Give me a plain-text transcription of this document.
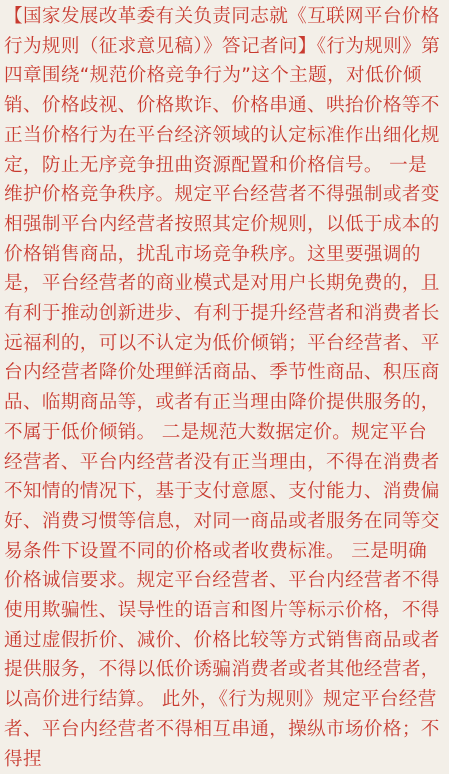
【国家发展改革委有关负责同志就《互联网平台价格行为规则（征求意见稿）》答记者问】《行为规则》第四章围绕“规范价格竞争行为”这个主题，对低价倾销、价格歧视、价格欺诈、价格串通、哄抬价格等不正当价格行为在平台经济领域的认定标准作出细化规定，防止无序竞争扭曲资源配置和价格信号。 一是维护价格竞争秩序。规定平台经营者不得强制或者变相强制平台内经营者按照其定价规则，以低于成本的价格销售商品，扰乱市场竞争秩序。这里要强调的是，平台经营者的商业模式是对用户长期免费的，且有利于推动创新进步、有利于提升经营者和消费者长远福利的，可以不认定为低价倾销；平台经营者、平台内经营者降价处理鲜活商品、季节性商品、积压商品、临期商品等，或者有正当理由降价提供服务的，不属于低价倾销。 二是规范大数据定价。规定平台经营者、平台内经营者没有正当理由，不得在消费者不知情的情况下，基于支付意愿、支付能力、消费偏好、消费习惯等信息，对同一商品或者服务在同等交易条件下设置不同的价格或者收费标准。 三是明确价格诚信要求。规定平台经营者、平台内经营者不得使用欺骗性、误导性的语言和图片等标示价格，不得通过虚假折价、减价、价格比较等方式销售商品或者提供服务，不得以低价诱骗消费者或者其他经营者，以高价进行结算。 此外，《行为规则》规定平台经营者、平台内经营者不得相互串通，操纵市场价格；不得捏
